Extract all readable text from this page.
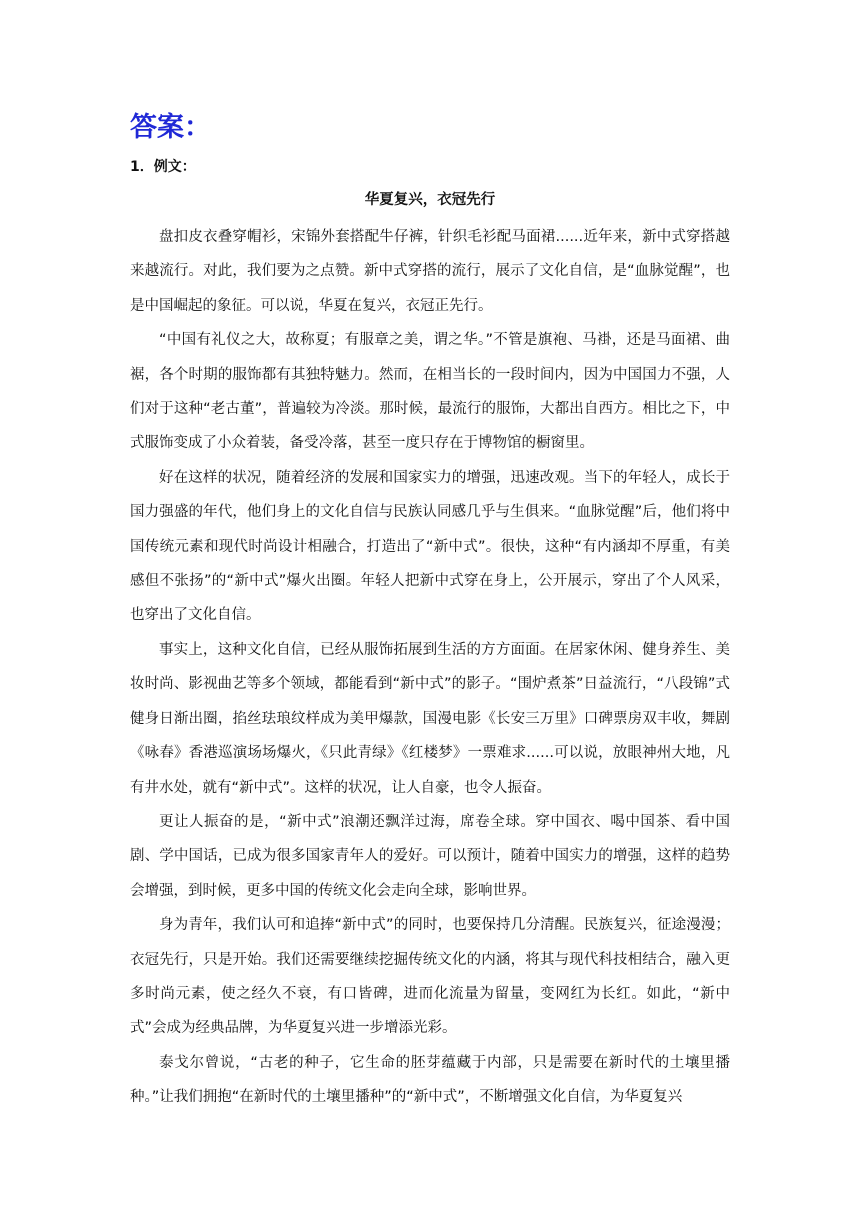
答案：
1．例文：
华夏复兴，衣冠先行

盘扣皮衣叠穿帽衫，宋锦外套搭配牛仔裤，针织毛衫配马面裙......近年来，新中式穿搭越来越流行。对此，我们要为之点赞。新中式穿搭的流行，展示了文化自信，是“血脉觉醒”，也是中国崛起的象征。可以说，华夏在复兴，衣冠正先行。

“中国有礼仪之大，故称夏；有服章之美，谓之华。”不管是旗袍、马褂，还是马面裙、曲裾，各个时期的服饰都有其独特魅力。然而，在相当长的一段时间内，因为中国国力不强，人们对于这种“老古董”，普遍较为冷淡。那时候，最流行的服饰，大都出自西方。相比之下，中式服饰变成了小众着装，备受冷落，甚至一度只存在于博物馆的橱窗里。

好在这样的状况，随着经济的发展和国家实力的增强，迅速改观。当下的年轻人，成长于国力强盛的年代，他们身上的文化自信与民族认同感几乎与生俱来。“血脉觉醒”后，他们将中国传统元素和现代时尚设计相融合，打造出了“新中式”。很快，这种“有内涵却不厚重，有美感但不张扬”的“新中式”爆火出圈。年轻人把新中式穿在身上，公开展示，穿出了个人风采，也穿出了文化自信。

事实上，这种文化自信，已经从服饰拓展到生活的方方面面。在居家休闲、健身养生、美妆时尚、影视曲艺等多个领域，都能看到“新中式”的影子。“围炉煮茶”日益流行，“八段锦”式健身日渐出圈，掐丝珐琅纹样成为美甲爆款，国漫电影《长安三万里》口碑票房双丰收，舞剧《咏春》香港巡演场场爆火，《只此青绿》《红楼梦》一票难求......可以说，放眼神州大地，凡有井水处，就有“新中式”。这样的状况，让人自豪，也令人振奋。

更让人振奋的是，“新中式”浪潮还飘洋过海，席卷全球。穿中国衣、喝中国茶、看中国剧、学中国话，已成为很多国家青年人的爱好。可以预计，随着中国实力的增强，这样的趋势会增强，到时候，更多中国的传统文化会走向全球，影响世界。

身为青年，我们认可和追捧“新中式”的同时，也要保持几分清醒。民族复兴，征途漫漫；衣冠先行，只是开始。我们还需要继续挖掘传统文化的内涵，将其与现代科技相结合，融入更多时尚元素，使之经久不衰，有口皆碑，进而化流量为留量，变网红为长红。如此，“新中式”会成为经典品牌，为华夏复兴进一步增添光彩。

泰戈尔曾说，“古老的种子，它生命的胚芽蕴藏于内部，只是需要在新时代的土壤里播种。”让我们拥抱“在新时代的土壤里播种”的“新中式”，不断增强文化自信，为华夏复兴
